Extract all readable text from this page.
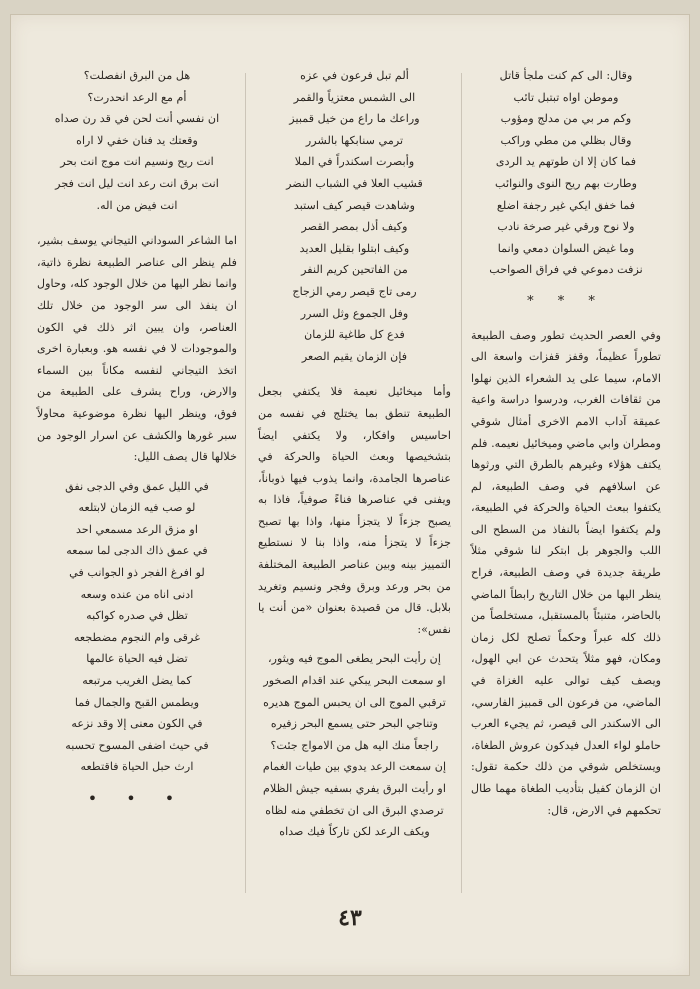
وقال: الى كم كنت ملجأ قاتل

وموطن اواه تبتبل تائب

وكم مر بي من مدلج ومؤوب

وقال بظلي من مطي وراكب

فما كان إلا ان طوتهم يد الردى

وطارت بهم ريح النوى والنوائب

فما خفق ايكي غير رجفة اضلع

ولا نوح ورقي غير صرخة نادب

وما غيض السلوان دمعي وانما

نزفت دموعي في فراق الصواحب

* * *

وفي العصر الحديث تطور وصف الطبيعة تطوراً عظيماً، وقفز قفزات واسعة الى الامام، سيما على يد الشعراء الذين نهلوا من ثقافات الغرب، ودرسوا دراسة واعية عميقة آداب الامم الاخرى أمثال شوقي ومطران وابي ماضي وميخائيل نعيمه. فلم يكتف هؤلاء وغيرهم بالطرق التي ورثوها عن اسلافهم في وصف الطبيعة، لم يكتفوا ببعث الحياة والحركة في الطبيعة، ولم يكتفوا ايضاً بالنفاذ من السطح الى اللب والجوهر بل ابتكر لنا شوقي مثلاً طريقة جديدة في وصف الطبيعة، فراح ينظر اليها من خلال التاريخ رابطاً الماضي بالحاضر، متنبئاً بالمستقبل، مستخلصاً من ذلك كله عبراً وحكماً تصلح لكل زمان ومكان، فهو مثلاً يتحدث عن ابي الهول، ويصف كيف توالى عليه الغزاة في الماضي، من فرعون الى قمبيز الفارسي، الى الاسكندر الى قيصر، ثم يجيء العرب حاملو لواء العدل فيدكون عروش الطغاة، ويستخلص شوقي من ذلك حكمة تقول: ان الزمان كفيل بتأديب الطغاة مهما طال تحكمهم في الارض، قال:

ألم تبل فرعون في عزه

الى الشمس معتزياً والقمر

وراعك ما راع من خيل قمبيز

ترمي سنابكها بالشرر

وأبصرت اسكندراً في الملا

قشيب العلا في الشباب النضر

وشاهدت قيصر كيف استبد

وكيف أذل بمصر القصر

وكيف ابتلوا بقليل العديد

من الفاتحين كريم النفر

رمى تاج قيصر رمي الزجاج

وفل الجموع وثل السرر

فدع كل طاغية للزمان

فإن الزمان يقيم الصعر

وأما ميخائيل نعيمة فلا يكتفي بجعل الطبيعة تنطق بما يختلج في نفسه من احاسيس وافكار، ولا يكتفي ايضاً بتشخيصها وبعث الحياة والحركة في عناصرها الجامدة، وانما يذوب فيها ذوباناً، ويفنى في عناصرها فناءً صوفياً، فاذا به يصبح جزءاً لا يتجزأ منها، واذا بها تصبح جزءاً لا يتجزأ منه، واذا بنا لا نستطيع التمييز بينه وبين عناصر الطبيعة المختلفة من بحر ورعد وبرق وفجر ونسيم وتغريد بلابل. قال من قصيدة بعنوان «من أنت يا نفس»:

إن رأيت البحر يطغى الموج فيه ويثور،

او سمعت البحر يبكي عند اقدام الصخور

ترقبي الموج الى ان يحبس الموج هديره

وتناجي البحر حتى يسمع البحر زفيره

راجعاً منك اليه هل من الامواج جئت؟

إن سمعت الرعد يدوي بين طيات الغمام

او رأيت البرق يفري بسفيه جيش الظلام

ترصدي البرق الى ان تخطفي منه لظاه

ويكف الرعد لكن تاركاً فيك صداه

هل من البرق انفصلت؟

أم مع الرعد انحدرت؟

ان نفسي أنت لحن في قد رن صداه

وقعتك يد فنان خفي لا اراه

انت ريح ونسيم انت موج انت بحر

انت برق انت رعد انت ليل انت فجر

انت فيض من اله.

اما الشاعر السوداني التيجاني يوسف بشير، فلم ينظر الى عناصر الطبيعة نظرة ذاتية، وانما نظر اليها من خلال الوجود كله، وحاول ان ينفذ الى سر الوجود من خلال تلك العناصر، وان يبين اثر ذلك في الكون والموجودات لا في نفسه هو. وبعبارة اخرى اتخذ التيجاني لنفسه مكاناً بين السماء والارض، وراح يشرف على الطبيعة من فوق، وينظر اليها نظرة موضوعية محاولاً سبر غورها والكشف عن اسرار الوجود من خلالها قال يصف الليل:

في الليل عمق وفي الدجى نفق

لو صب فيه الزمان لابتلعه

او مزق الرعد مسمعي احد

في عمق ذاك الدجى لما سمعه

لو افرغ الفجر ذو الجوانب في

ادنى اناه من عنده وسعه

تظل في صدره كواكبه

غرقى وام النجوم مضطجعه

تضل فيه الحياة عالمها

كما يضل الغريب مرتبعه

ويطمس القبح والجمال فما

في الكون معنى إلا وقد نزعه

في حيث اضفى المسوح تحسبه

ارث حبل الحياة فاقتطعه

• • •
٤٣
